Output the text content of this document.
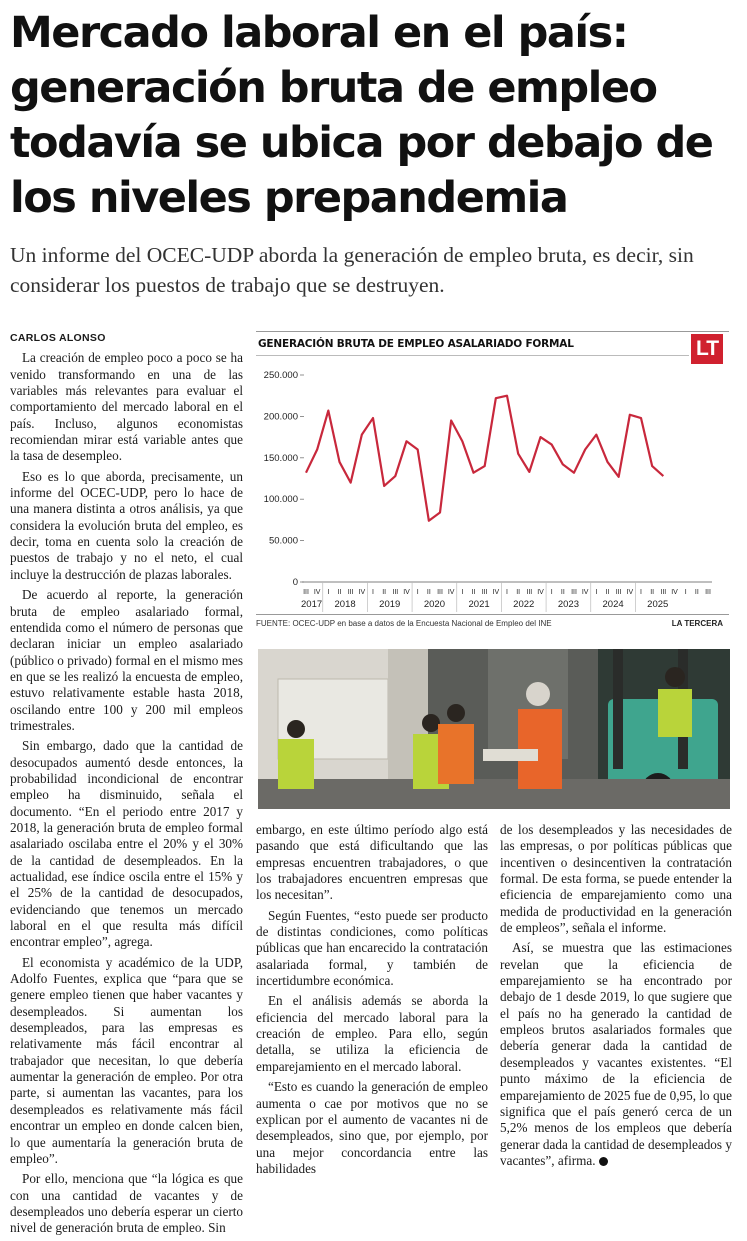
Mercado laboral en el país: generación bruta de empleo todavía se ubica por debajo de los niveles prepandemia

Un informe del OCEC-UDP aborda la generación de empleo bruta, es decir, sin considerar los puestos de trabajo que se destruyen.

CARLOS ALONSO

La creación de empleo poco a poco se ha venido transformando en una de las variables más relevantes para evaluar el comportamiento del mercado laboral en el país. Incluso, algunos economistas recomiendan mirar está variable antes que la tasa de desempleo.

Eso es lo que aborda, precisamente, un informe del OCEC-UDP, pero lo hace de una manera distinta a otros análisis, ya que considera la evolución bruta del empleo, es decir, toma en cuenta solo la creación de puestos de trabajo y no el neto, el cual incluye la destrucción de plazas laborales.

De acuerdo al reporte, la generación bruta de empleo asalariado formal, entendida como el número de personas que declaran iniciar un empleo asalariado (público o privado) formal en el mismo mes en que se les realizó la encuesta de empleo, estuvo relativamente estable hasta 2018, oscilando entre 100 y 200 mil empleos trimestrales.

Sin embargo, dado que la cantidad de desocupados aumentó desde entonces, la probabilidad incondicional de encontrar empleo ha disminuido, señala el documento. “En el periodo entre 2017 y 2018, la generación bruta de empleo formal asalariado oscilaba entre el 20% y el 30% de la cantidad de desempleados. En la actualidad, ese índice oscila entre el 15% y el 25% de la cantidad de desocupados, evidenciando que tenemos un mercado laboral en el que resulta más difícil encontrar empleo”, agrega.

El economista y académico de la UDP, Adolfo Fuentes, explica que “para que se genere empleo tienen que haber vacantes y desempleados. Si aumentan los desempleados, para las empresas es relativamente más fácil encontrar al trabajador que necesitan, lo que debería aumentar la generación de empleo. Por otra parte, si aumentan las vacantes, para los desempleados es relativamente más fácil encontrar un empleo en donde calcen bien, lo que aumentaría la generación bruta de empleo”.

Por ello, menciona que “la lógica es que con una cantidad de vacantes y de desempleados uno debería esperar un cierto nivel de generación bruta de empleo. Sin

GENERACIÓN BRUTA DE EMPLEO ASALARIADO FORMAL	LT
0
50.000
100.000
150.000
200.000
250.000
III IV I II III IV I II III IV I II III IV I II III IV I II III IV I II III IV I II III IV I II III IV I II III
2017 2018 2019 2020 2021 2022 2023 2024 2025
FUENTE: OCEC-UDP en base a datos de la Encuesta Nacional de Empleo del INE	LA TERCERA

embargo, en este último período algo está pasando que está dificultando que las empresas encuentren trabajadores, o que los trabajadores encuentren empresas que los necesitan”.

Según Fuentes, “esto puede ser producto de distintas condiciones, como políticas públicas que han encarecido la contratación asalariada formal, y también de incertidumbre económica.

En el análisis además se aborda la eficiencia del mercado laboral para la creación de empleo. Para ello, según detalla, se utiliza la eficiencia de emparejamiento en el mercado laboral.

“Esto es cuando la generación de empleo aumenta o cae por motivos que no se explican por el aumento de vacantes ni de desempleados, sino que, por ejemplo, por una mejor concordancia entre las habilidades

de los desempleados y las necesidades de las empresas, o por políticas públicas que incentiven o desincentiven la contratación formal. De esta forma, se puede entender la eficiencia de emparejamiento como una medida de productividad en la generación de empleos”, señala el informe.

Así, se muestra que las estimaciones revelan que la eficiencia de emparejamiento se ha encontrado por debajo de 1 desde 2019, lo que sugiere que el país no ha generado la cantidad de empleos brutos asalariados formales que debería generar dada la cantidad de desempleados y vacantes existentes. “El punto máximo de la eficiencia de emparejamiento de 2025 fue de 0,95, lo que significa que el país generó cerca de un 5,2% menos de los empleos que debería generar dada la cantidad de desempleados y vacantes”, afirma. P
